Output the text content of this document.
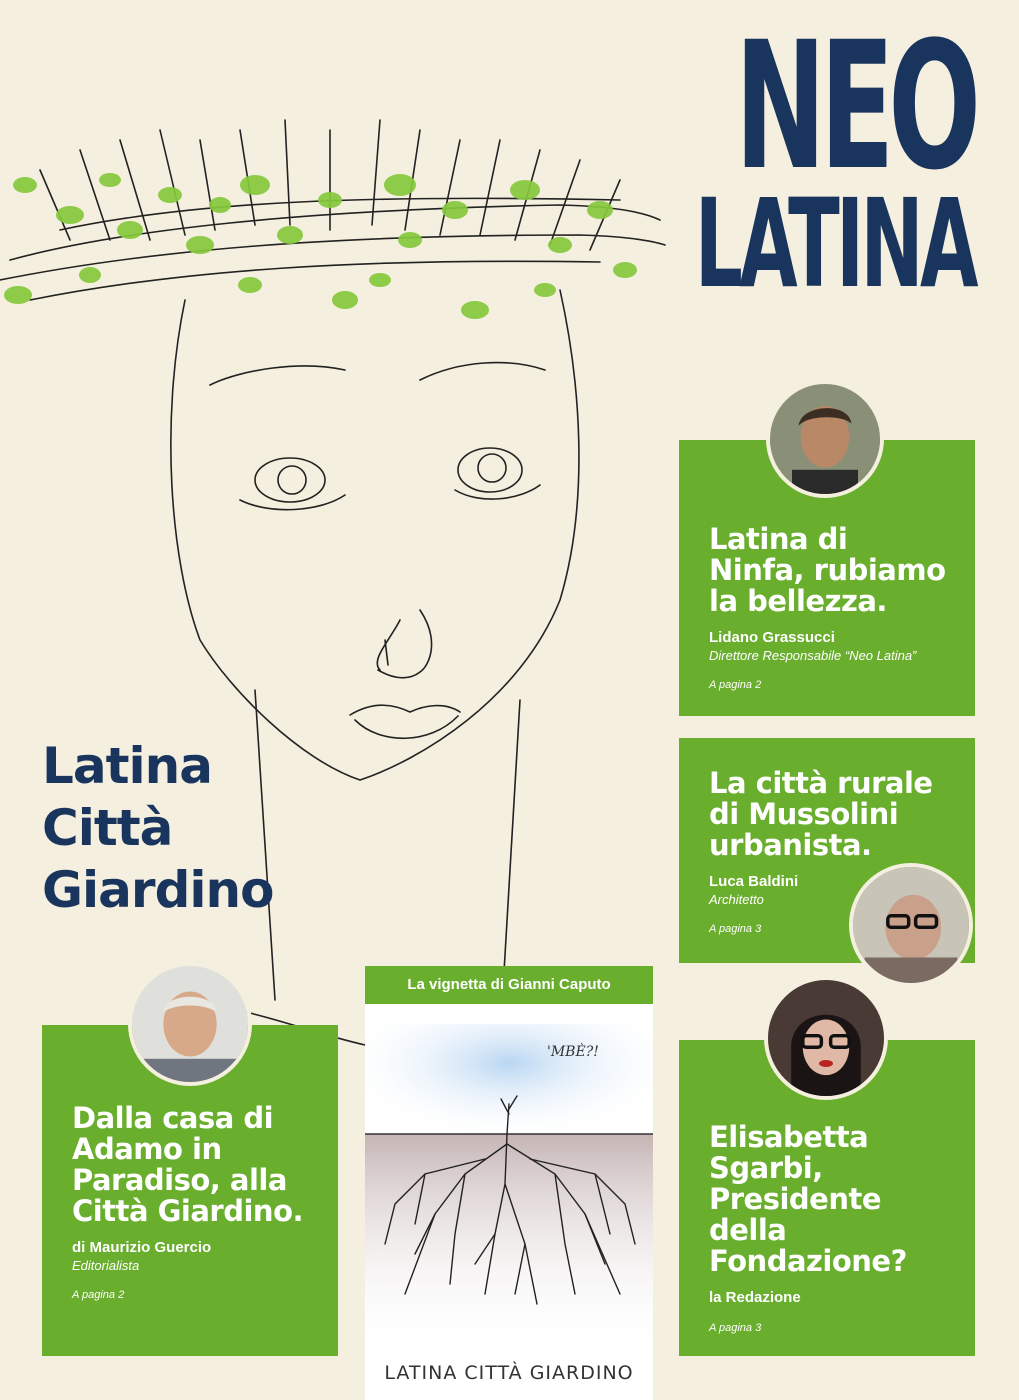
NEO
LATINA
Latina
Città
Giardino
Latina di Ninfa, rubiamo la bellezza.
Lidano Grassucci
Direttore Responsabile “Neo Latina”
A pagina 2
La città rurale di Mussolini urbanista.
Luca Baldini
Architetto
A pagina 3
Elisabetta Sgarbi, Presidente della Fondazione?
la Redazione
A pagina 3
Dalla casa di Adamo in Paradiso, alla Città Giardino.
di Maurizio Guercio
Editorialista
A pagina 2
La vignetta di Gianni Caputo
'MBÈ?!
LATINA CITTÀ GIARDINO
